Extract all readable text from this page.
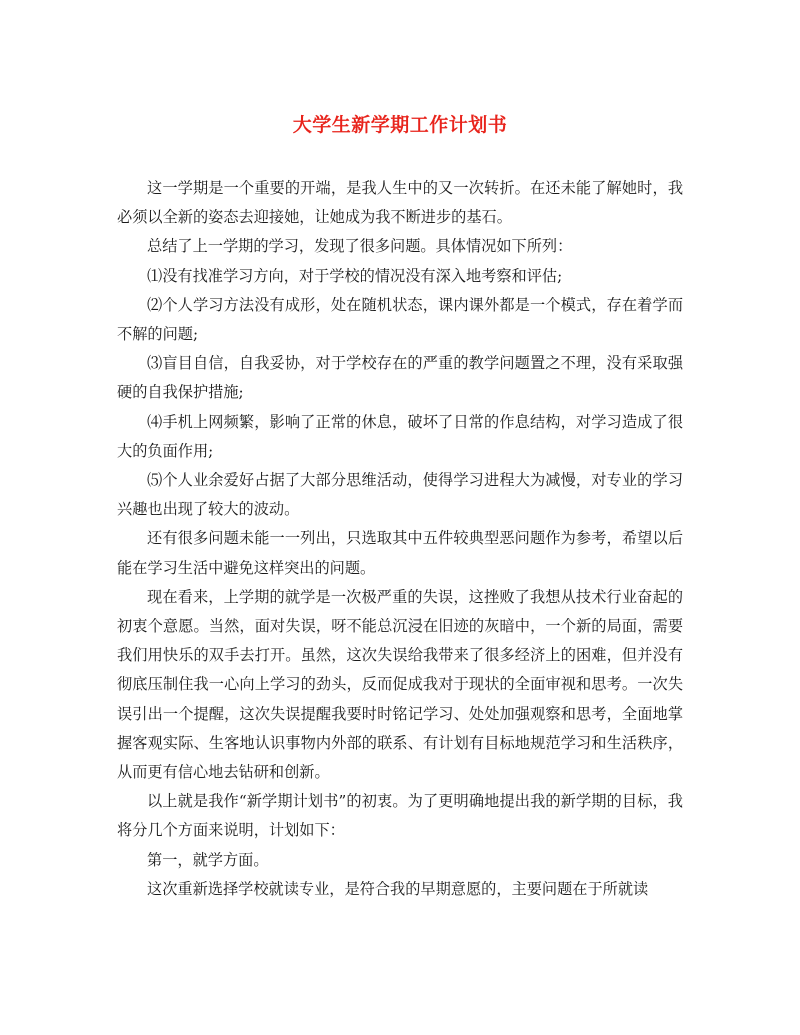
大学生新学期工作计划书

这一学期是一个重要的开端，是我人生中的又一次转折。在还未能了解她时，我必须以全新的姿态去迎接她，让她成为我不断进步的基石。

总结了上一学期的学习，发现了很多问题。具体情况如下所列：

⑴没有找准学习方向，对于学校的情况没有深入地考察和评估;

⑵个人学习方法没有成形，处在随机状态，课内课外都是一个模式，存在着学而不解的问题;

⑶盲目自信，自我妥协，对于学校存在的严重的教学问题置之不理，没有采取强硬的自我保护措施;

⑷手机上网频繁，影响了正常的休息，破坏了日常的作息结构，对学习造成了很大的负面作用;

⑸个人业余爱好占据了大部分思维活动，使得学习进程大为减慢，对专业的学习兴趣也出现了较大的波动。

还有很多问题未能一一列出，只选取其中五件较典型恶问题作为参考，希望以后能在学习生活中避免这样突出的问题。

现在看来，上学期的就学是一次极严重的失误，这挫败了我想从技术行业奋起的初衷个意愿。当然，面对失误，呀不能总沉浸在旧迹的灰暗中，一个新的局面，需要我们用快乐的双手去打开。虽然，这次失误给我带来了很多经济上的困难，但并没有彻底压制住我一心向上学习的劲头，反而促成我对于现状的全面审视和思考。一次失误引出一个提醒，这次失误提醒我要时时铭记学习、处处加强观察和思考，全面地掌握客观实际、生客地认识事物内外部的联系、有计划有目标地规范学习和生活秩序，从而更有信心地去钻研和创新。

以上就是我作“新学期计划书”的初衷。为了更明确地提出我的新学期的目标，我将分几个方面来说明，计划如下：

第一，就学方面。

这次重新选择学校就读专业，是符合我的早期意愿的，主要问题在于所就读
